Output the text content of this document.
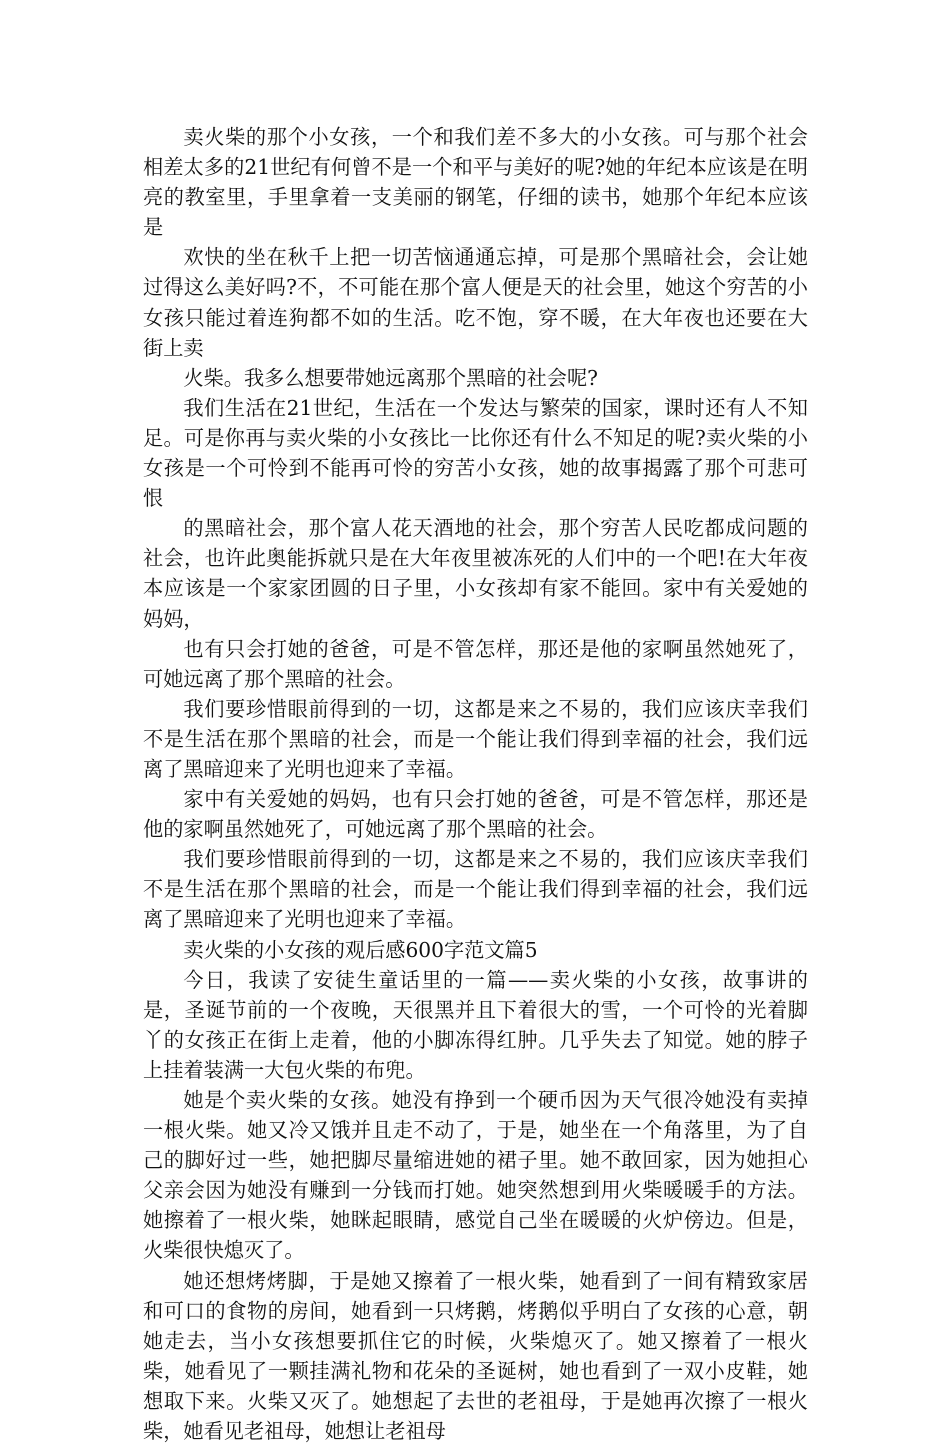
卖火柴的那个小女孩，一个和我们差不多大的小女孩。可与那个社会相差太多的21世纪有何曾不是一个和平与美好的呢?她的年纪本应该是在明亮的教室里，手里拿着一支美丽的钢笔，仔细的读书，她那个年纪本应该是

欢快的坐在秋千上把一切苦恼通通忘掉，可是那个黑暗社会，会让她过得这么美好吗?不，不可能在那个富人便是天的社会里，她这个穷苦的小女孩只能过着连狗都不如的生活。吃不饱，穿不暖，在大年夜也还要在大街上卖

火柴。我多么想要带她远离那个黑暗的社会呢?

我们生活在21世纪，生活在一个发达与繁荣的国家，课时还有人不知足。可是你再与卖火柴的小女孩比一比你还有什么不知足的呢?卖火柴的小女孩是一个可怜到不能再可怜的穷苦小女孩，她的故事揭露了那个可悲可恨

的黑暗社会，那个富人花天酒地的社会，那个穷苦人民吃都成问题的社会，也许此奥能拆就只是在大年夜里被冻死的人们中的一个吧!在大年夜本应该是一个家家团圆的日子里，小女孩却有家不能回。家中有关爱她的妈妈，

也有只会打她的爸爸，可是不管怎样，那还是他的家啊虽然她死了，可她远离了那个黑暗的社会。

我们要珍惜眼前得到的一切，这都是来之不易的，我们应该庆幸我们不是生活在那个黑暗的社会，而是一个能让我们得到幸福的社会，我们远离了黑暗迎来了光明也迎来了幸福。

家中有关爱她的妈妈，也有只会打她的爸爸，可是不管怎样，那还是他的家啊虽然她死了，可她远离了那个黑暗的社会。

我们要珍惜眼前得到的一切，这都是来之不易的，我们应该庆幸我们不是生活在那个黑暗的社会，而是一个能让我们得到幸福的社会，我们远离了黑暗迎来了光明也迎来了幸福。

卖火柴的小女孩的观后感600字范文篇5

今日，我读了安徒生童话里的一篇——卖火柴的小女孩，故事讲的是，圣诞节前的一个夜晚，天很黑并且下着很大的雪，一个可怜的光着脚丫的女孩正在街上走着，他的小脚冻得红肿。几乎失去了知觉。她的脖子上挂着装满一大包火柴的布兜。

她是个卖火柴的女孩。她没有挣到一个硬币因为天气很冷她没有卖掉一根火柴。她又冷又饿并且走不动了，于是，她坐在一个角落里，为了自己的脚好过一些，她把脚尽量缩进她的裙子里。她不敢回家，因为她担心父亲会因为她没有赚到一分钱而打她。她突然想到用火柴暖暖手的方法。她擦着了一根火柴，她眯起眼睛，感觉自己坐在暖暖的火炉傍边。但是，火柴很快熄灭了。

她还想烤烤脚，于是她又擦着了一根火柴，她看到了一间有精致家居和可口的食物的房间，她看到一只烤鹅，烤鹅似乎明白了女孩的心意，朝她走去，当小女孩想要抓住它的时候，火柴熄灭了。她又擦着了一根火柴，她看见了一颗挂满礼物和花朵的圣诞树，她也看到了一双小皮鞋，她想取下来。火柴又灭了。她想起了去世的老祖母，于是她再次擦了一根火柴，她看见老祖母，她想让老祖母
